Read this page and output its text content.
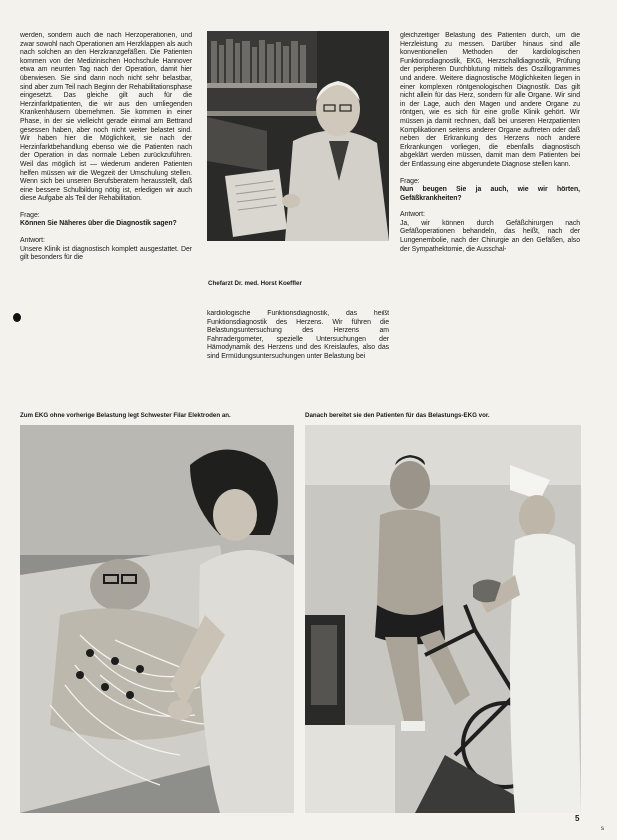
werden, sondern auch die nach Herzoperationen, und zwar sowohl nach Operationen am Herzklappen als auch nach solchen an den Herzkranzgefäßen. Die Patienten kommen von der Medizinischen Hochschule Hannover etwa am neunten Tag nach der Operation, damit hier überwiesen. Sie sind dann noch nicht sehr belastbar, sind aber zum Teil nach Beginn der Rehabilitationsphase eingesetzt. Das gleiche gilt auch für die Herzinfarktpatienten, die wir aus den umliegenden Krankenhäusern übernehmen. Sie kommen in einer Phase, in der sie vielleicht gerade einmal am Bettrand gesessen haben, aber noch nicht weiter belastet sind. Wir haben hier die Möglichkeit, sie nach der Herzinfarktbehandlung ebenso wie die Patienten nach der Operation in das normale Leben zurückzuführen. Weil das möglich ist — wiederum anderen Patienten helfen müssen wir die Wegzeit der Umschulung stellen. Wenn sich bei unseren Berufsberatern herausstellt, daß eine bessere Schulbildung nötig ist, erledigen wir auch diese Aufgabe als Teil der Rehabilitation.

Frage:

Können Sie Näheres über die Diagnostik sagen?

Antwort:

Unsere Klinik ist diagnostisch komplett ausgestattet. Der gilt besonders für die

Chefarzt Dr. med. Horst Koeffler

kardiologische Funktionsdiagnostik, das heißt Funktionsdiagnostik des Herzens. Wir führen die Belastungsuntersuchung des Herzens am Fahrradergometer, spezielle Untersuchungen der Hämodynamik des Herzens und des Kreislaufes, also das sind Ermüdungsuntersuchungen unter Belastung bei

gleichzeitiger Belastung des Patienten durch, um die Herzleistung zu messen. Darüber hinaus sind alle konventionellen Methoden der kardiologischen Funktionsdiagnostik, EKG, Herzschalldiagnostik, Prüfung der peripheren Durchblutung mittels des Oszillogrammes und andere. Weitere diagnostische Möglichkeiten liegen in einer komplexen röntgenologischen Diagnostik. Das gilt nicht allein für das Herz, sondern für alle Organe. Wir sind in der Lage, auch den Magen und andere Organe zu röntgen, wie es sich für eine große Klinik gehört. Wir müssen ja damit rechnen, daß bei unseren Herzpatienten Komplikationen seitens anderer Organe auftreten oder daß neben der Erkrankung des Herzens noch andere Erkrankungen vorliegen, die ebenfalls diagnostisch abgeklärt werden müssen, damit man dem Patienten bei der Entlassung eine abgerundete Diagnose stellen kann.

Frage:

Nun beugen Sie ja auch, wie wir hörten, Gefäßkrankheiten?

Antwort:

Ja, wir können durch Gefäßchirurgen nach Gefäßoperationen behandeln, das heißt, nach der Lungenembolie, nach der Chirurgie an den Gefäßen, also der Sympathektomie, die Ausschal-

Zum EKG ohne vorherige Belastung legt Schwester Filar Elektroden an.	Danach bereitet sie den Patienten für das Belastungs-EKG vor.
5
s
